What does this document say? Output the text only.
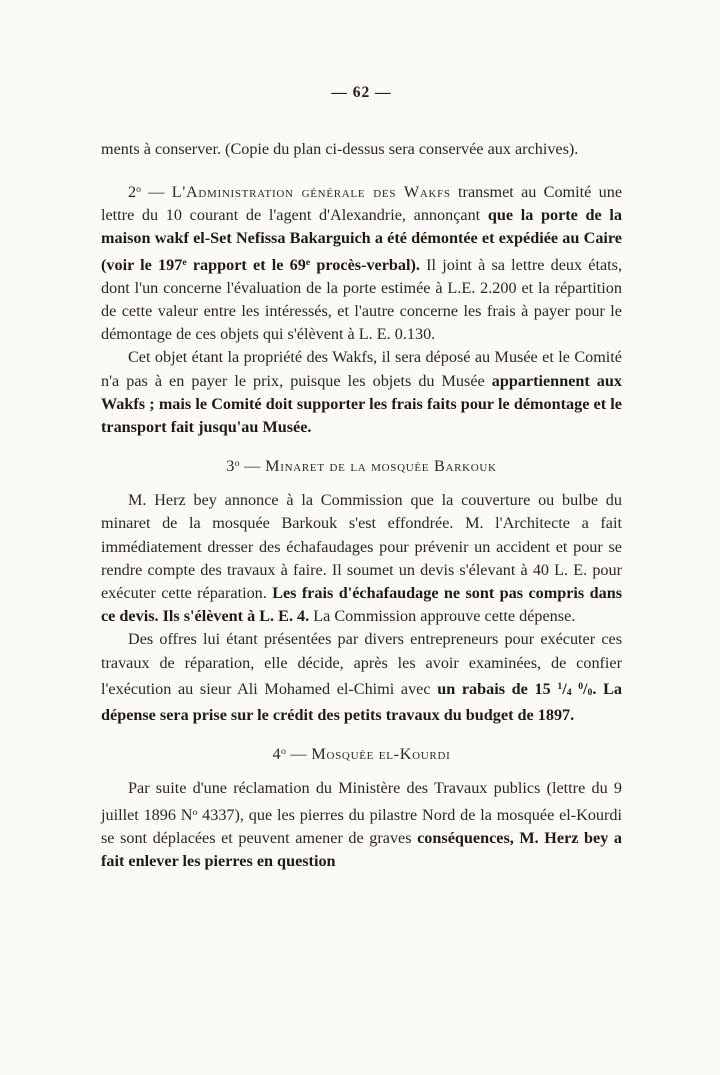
— 62 —

ments à conserver. (Copie du plan ci-dessus sera conservée aux archives).

2$^o$ — L'Administration générale des Wakfs transmet au Comité une lettre du 10 courant de l'agent d'Alexandrie, annonçant que la porte de la maison wakf el-Set Nefissa Bakarguich a été démontée et expédiée au Caire (voir le 197e rapport et le 69e procès-verbal). Il joint à sa lettre deux états, dont l'un concerne l'évaluation de la porte estimée à L.E. 2.200 et la répartition de cette valeur entre les intéressés, et l'autre concerne les frais à payer pour le démontage de ces objets qui s'élèvent à L. E. 0.130.

Cet objet étant la propriété des Wakfs, il sera déposé au Musée et le Comité n'a pas à en payer le prix, puisque les objets du Musée appartiennent aux Wakfs ; mais le Comité doit supporter les frais faits pour le démontage et le transport fait jusqu'au Musée.

3$^o$ — Minaret de la mosquée Barkouk

M. Herz bey annonce à la Commission que la couverture ou bulbe du minaret de la mosquée Barkouk s'est effondrée. M. l'Architecte a fait immédiatement dresser des échafaudages pour prévenir un accident et pour se rendre compte des travaux à faire. Il soumet un devis s'élevant à 40 L. E. pour exécuter cette réparation. Les frais d'échafaudage ne sont pas compris dans ce devis. Ils s'élèvent à L. E. 4. La Commission approuve cette dépense.

Des offres lui étant présentées par divers entrepreneurs pour exécuter ces travaux de réparation, elle décide, après les avoir examinées, de confier l'exécution au sieur Ali Mohamed el-Chimi avec un rabais de 15 $^1$/4 $^0$/0. La dépense sera prise sur le crédit des petits travaux du budget de 1897.

4$^o$ — Mosquée el-Kourdi

Par suite d'une réclamation du Ministère des Travaux publics (lettre du 9 juillet 1896 $N^o$ 4337), que les pierres du pilastre Nord de la mosquée el-Kourdi se sont déplacées et peuvent amener de graves conséquences, M. Herz bey a fait enlever les pierres en question
